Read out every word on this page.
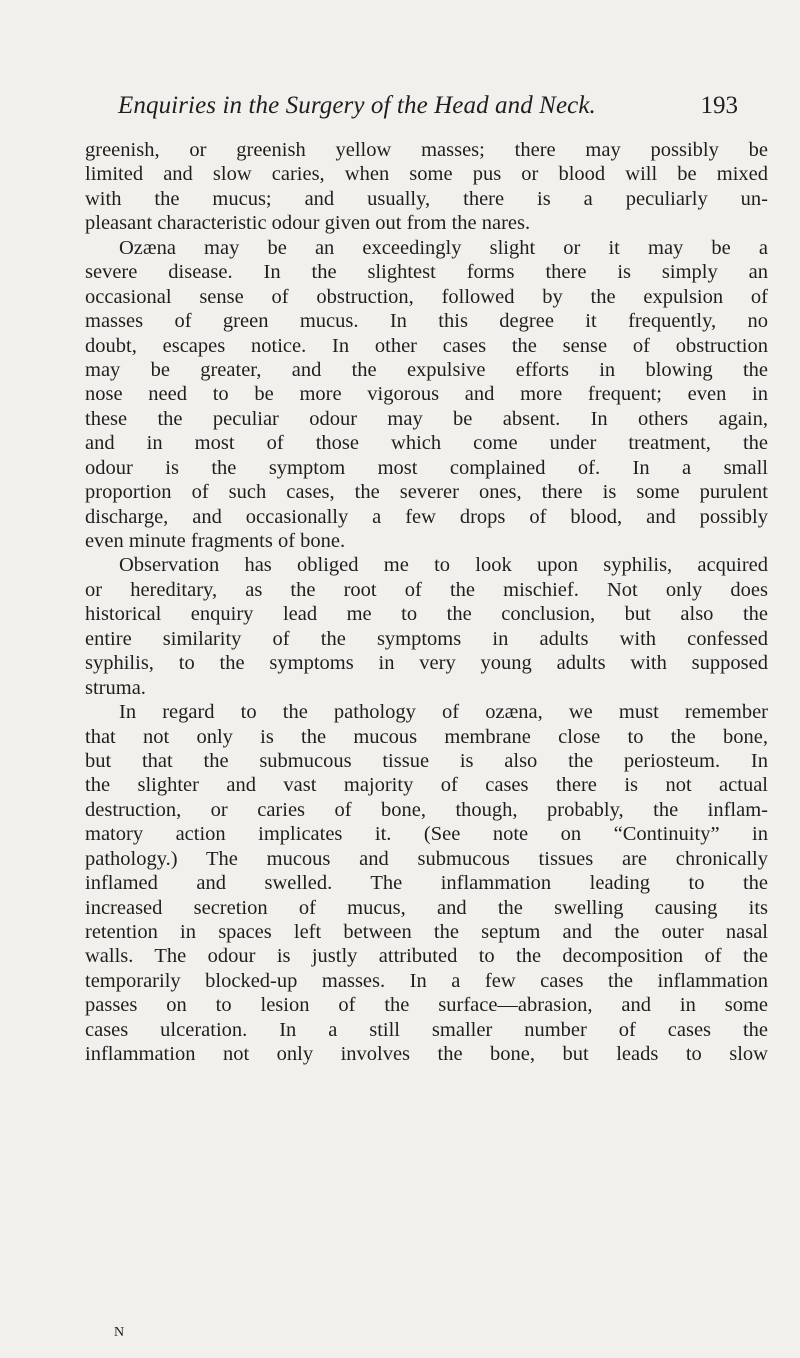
Enquiries in the Surgery of the Head and Neck.	193
greenish, or greenish yellow masses; there may possibly be
limited and slow caries, when some pus or blood will be mixed
with the mucus; and usually, there is a peculiarly un-
pleasant characteristic odour given out from the nares.
Ozæna may be an exceedingly slight or it may be a
severe disease. In the slightest forms there is simply an
occasional sense of obstruction, followed by the expulsion of
masses of green mucus. In this degree it frequently, no
doubt, escapes notice. In other cases the sense of obstruction
may be greater, and the expulsive efforts in blowing the
nose need to be more vigorous and more frequent; even in
these the peculiar odour may be absent. In others again,
and in most of those which come under treatment, the
odour is the symptom most complained of. In a small
proportion of such cases, the severer ones, there is some purulent
discharge, and occasionally a few drops of blood, and possibly
even minute fragments of bone.
Observation has obliged me to look upon syphilis, acquired
or hereditary, as the root of the mischief. Not only does
historical enquiry lead me to the conclusion, but also the
entire similarity of the symptoms in adults with confessed
syphilis, to the symptoms in very young adults with supposed
struma.
In regard to the pathology of ozæna, we must remember
that not only is the mucous membrane close to the bone,
but that the submucous tissue is also the periosteum. In
the slighter and vast majority of cases there is not actual
destruction, or caries of bone, though, probably, the inflam-
matory action implicates it. (See note on “Continuity” in
pathology.) The mucous and submucous tissues are chronically
inflamed and swelled. The inflammation leading to the
increased secretion of mucus, and the swelling causing its
retention in spaces left between the septum and the outer nasal
walls. The odour is justly attributed to the decomposition of the
temporarily blocked-up masses. In a few cases the inflammation
passes on to lesion of the surface—abrasion, and in some
cases ulceration. In a still smaller number of cases the
inflammation not only involves the bone, but leads to slow
N
